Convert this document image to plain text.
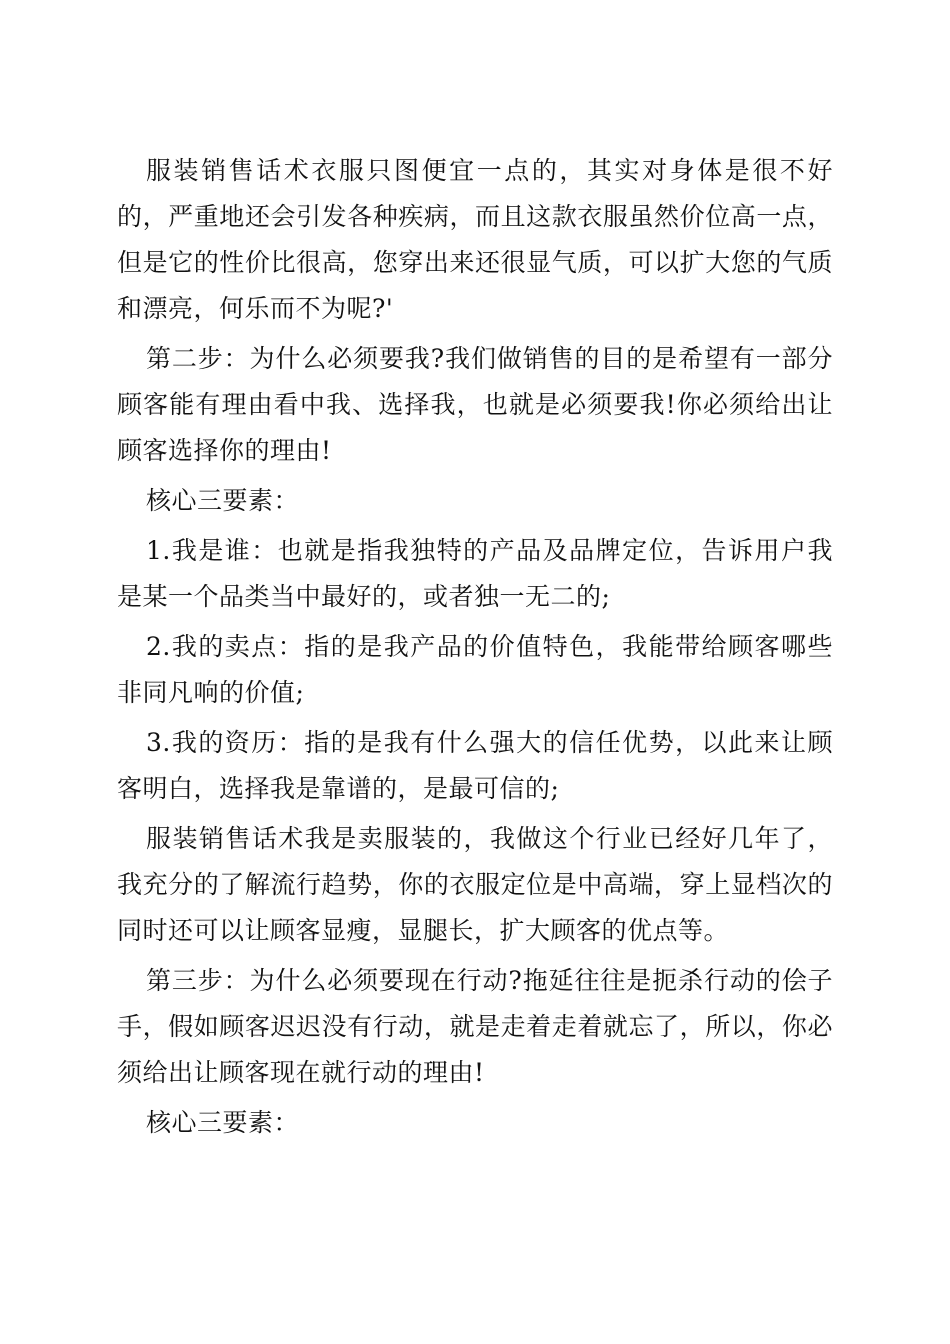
服装销售话术衣服只图便宜一点的，其实对身体是很不好的，严重地还会引发各种疾病，而且这款衣服虽然价位高一点，但是它的性价比很高，您穿出来还很显气质，可以扩大您的气质和漂亮，何乐而不为呢?'

第二步：为什么必须要我?我们做销售的目的是希望有一部分顾客能有理由看中我、选择我，也就是必须要我!你必须给出让顾客选择你的理由!

核心三要素：

1.我是谁：也就是指我独特的产品及品牌定位，告诉用户我是某一个品类当中最好的，或者独一无二的;

2.我的卖点：指的是我产品的价值特色，我能带给顾客哪些非同凡响的价值;

3.我的资历：指的是我有什么强大的信任优势，以此来让顾客明白，选择我是靠谱的，是最可信的;

服装销售话术我是卖服装的，我做这个行业已经好几年了，我充分的了解流行趋势，你的衣服定位是中高端，穿上显档次的同时还可以让顾客显瘦，显腿长，扩大顾客的优点等。

第三步：为什么必须要现在行动?拖延往往是扼杀行动的侩子手，假如顾客迟迟没有行动，就是走着走着就忘了，所以，你必须给出让顾客现在就行动的理由!

核心三要素：
